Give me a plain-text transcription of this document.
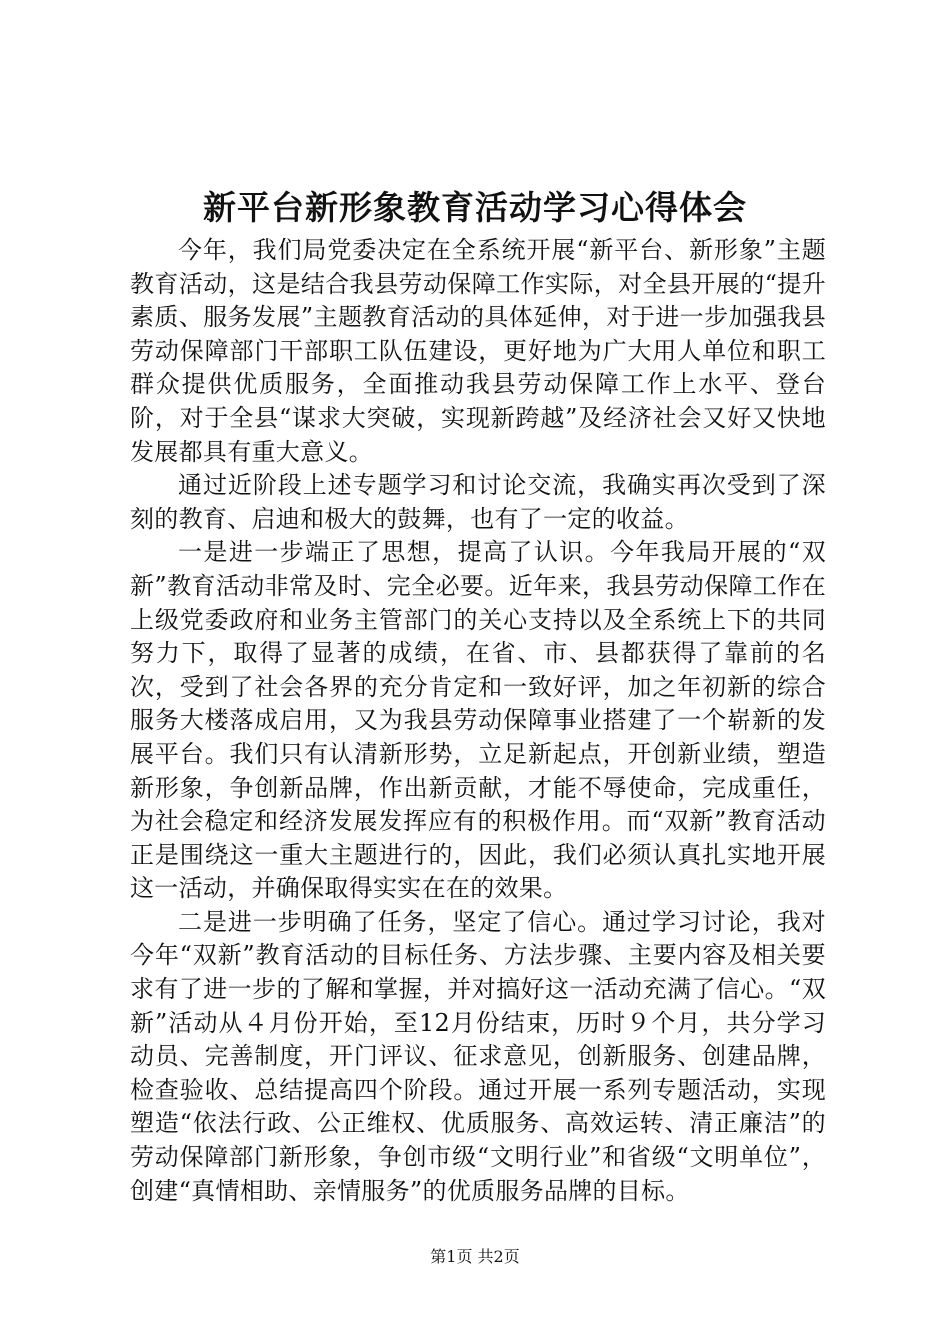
新平台新形象教育活动学习心得体会

今年，我们局党委决定在全系统开展“新平台、新形象”主题教育活动，这是结合我县劳动保障工作实际，对全县开展的“提升素质、服务发展”主题教育活动的具体延伸，对于进一步加强我县劳动保障部门干部职工队伍建设，更好地为广大用人单位和职工群众提供优质服务，全面推动我县劳动保障工作上水平、登台阶，对于全县“谋求大突破，实现新跨越”及经济社会又好又快地发展都具有重大意义。

通过近阶段上述专题学习和讨论交流，我确实再次受到了深刻的教育、启迪和极大的鼓舞，也有了一定的收益。

一是进一步端正了思想，提高了认识。今年我局开展的“双新”教育活动非常及时、完全必要。近年来，我县劳动保障工作在上级党委政府和业务主管部门的关心支持以及全系统上下的共同努力下，取得了显著的成绩，在省、市、县都获得了靠前的名次，受到了社会各界的充分肯定和一致好评，加之年初新的综合服务大楼落成启用，又为我县劳动保障事业搭建了一个崭新的发展平台。我们只有认清新形势，立足新起点，开创新业绩，塑造新形象，争创新品牌，作出新贡献，才能不辱使命，完成重任，为社会稳定和经济发展发挥应有的积极作用。而“双新”教育活动正是围绕这一重大主题进行的，因此，我们必须认真扎实地开展这一活动，并确保取得实实在在的效果。

二是进一步明确了任务，坚定了信心。通过学习讨论，我对今年“双新”教育活动的目标任务、方法步骤、主要内容及相关要求有了进一步的了解和掌握，并对搞好这一活动充满了信心。“双新”活动从４月份开始，至12月份结束，历时９个月，共分学习动员、完善制度，开门评议、征求意见，创新服务、创建品牌，检查验收、总结提高四个阶段。通过开展一系列专题活动，实现塑造“依法行政、公正维权、优质服务、高效运转、清正廉洁”的劳动保障部门新形象，争创市级“文明行业”和省级“文明单位”，创建“真情相助、亲情服务”的优质服务品牌的目标。

第1页 共2页
